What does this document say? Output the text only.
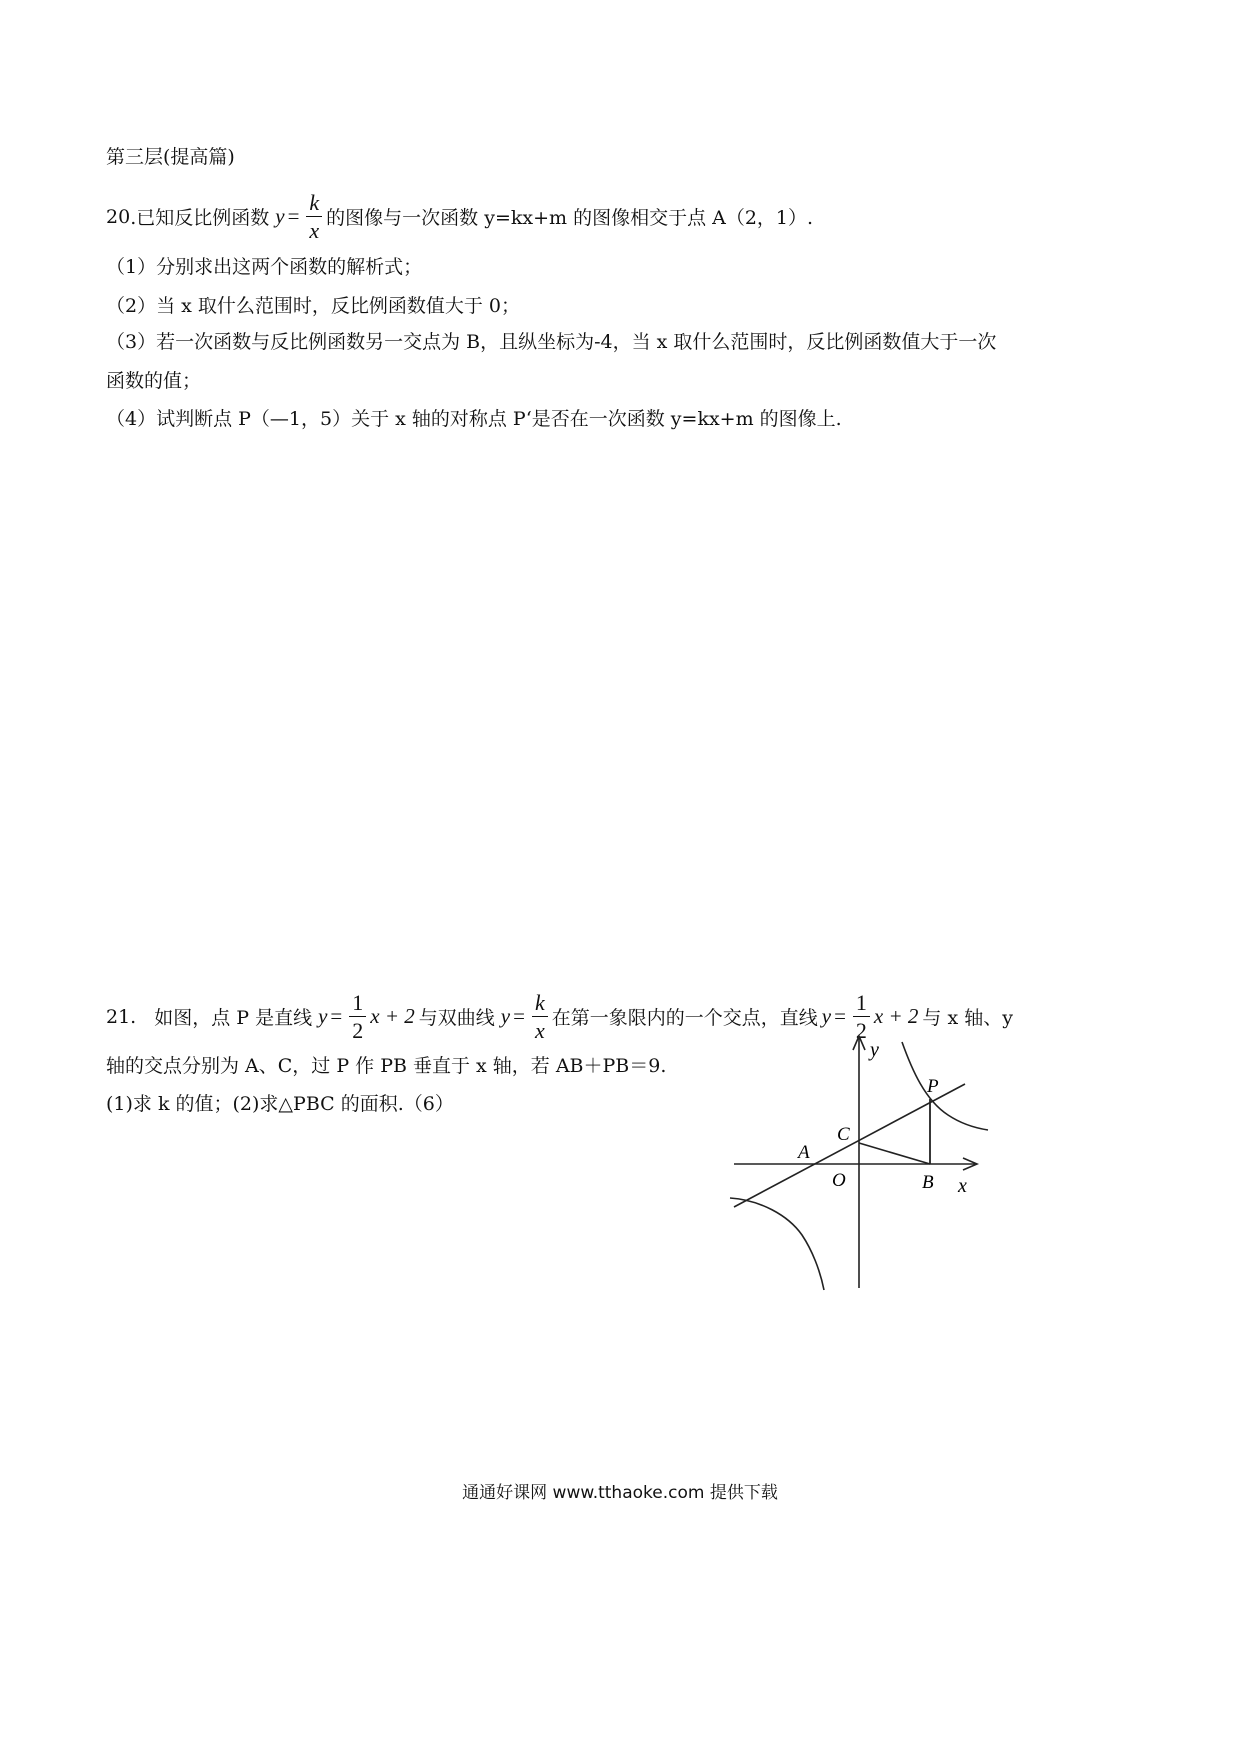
第三层(提高篇)
20 .已知反比例函数 $y = \frac{k}{x}$ 的图像与一次函数 y=kx+m 的图像相交于点 A（2，1）.
（1）分别求出这两个函数的解析式；
（2）当 x 取什么范围时，反比例函数值大于 0；
（3）若一次函数与反比例函数另一交点为 B，且纵坐标为-4，当 x 取什么范围时，反比例函数值大于一次
函数的值；
（4）试判断点 P（—1，5）关于 x 轴的对称点 P‘是否在一次函数 y=kx+m 的图像上.
21. 如图，点 P 是直线 $y = \frac{1}{2}$ x + 2 与双曲线 $y = \frac{k}{x}$ 在第一象限内的一个交点，直线 $y = \frac{1}{2}$ x + 2 与 x 轴、y
轴的交点分别为 A、C，过 P 作 PB 垂直于 x 轴，若 AB＋PB＝9.
(1)求 k 的值；(2)求△PBC 的面积.（6）
y
x
O
A
B
C
P
通通好课网 www.tthaoke.com 提供下载
